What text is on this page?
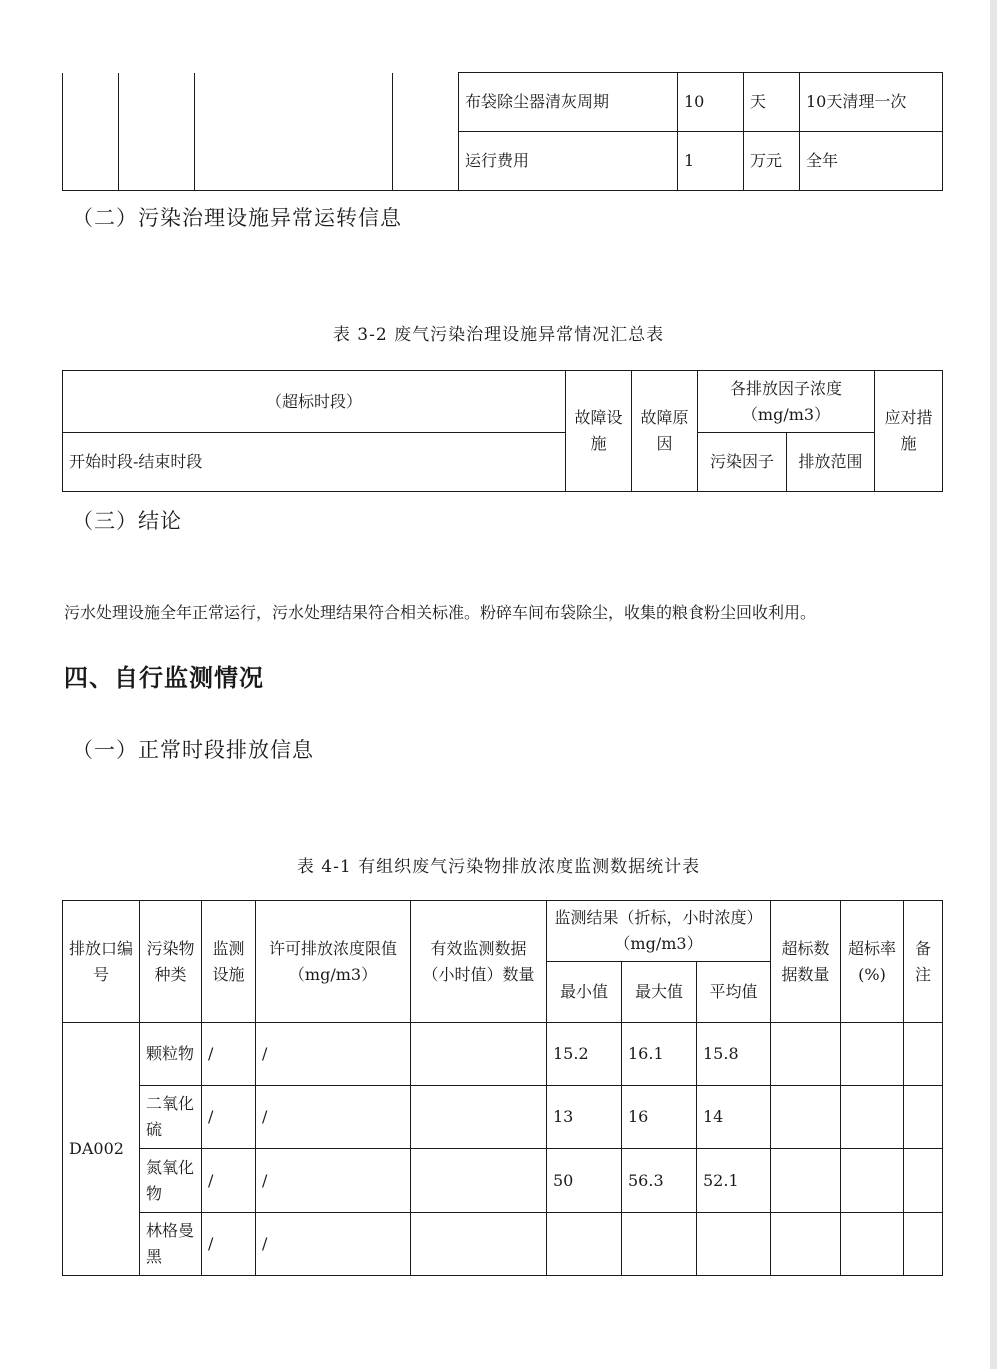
				布袋除尘器清灰周期	10	天	10天清理一次
				运行费用	1	万元	全年
（二）污染治理设施异常运转信息
表 3-2 废气污染治理设施异常情况汇总表
（超标时段）	故障设施	故障原因	各排放因子浓度（mg/m3）		应对措施
开始时段-结束时段			污染因子	排放范围	
（三）结论
污水处理设施全年正常运行，污水处理结果符合相关标准。粉碎车间布袋除尘，收集的粮食粉尘回收利用。
四、自行监测情况
（一）正常时段排放信息
表 4-1 有组织废气污染物排放浓度监测数据统计表
排放口编号	污染物种类	监测设施	许可排放浓度限值（mg/m3）	有效监测数据（小时值）数量	监测结果（折标，小时浓度）（mg/m3）			超标数据数量	超标率(%)	备注
					最小值	最大值	平均值			
DA002	颗粒物	/	/		15.2	16.1	15.8			
	二氧化硫	/	/		13	16	14			
	氮氧化物	/	/		50	56.3	52.1			
	林格曼黑	/	/							
